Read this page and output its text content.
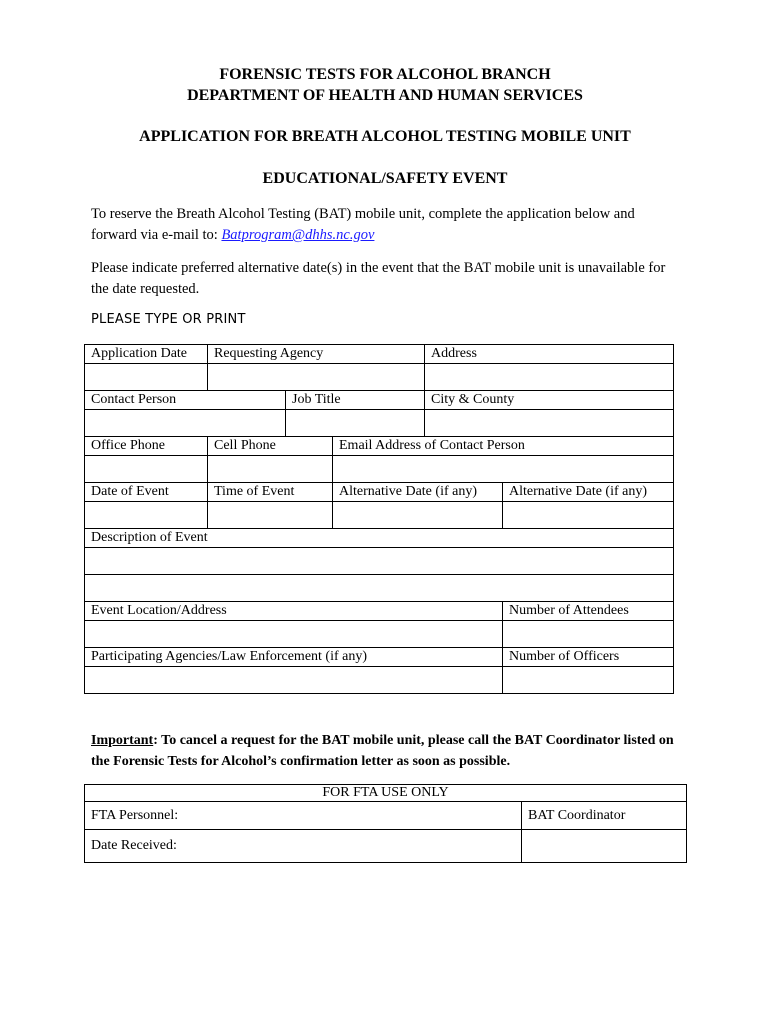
FORENSIC TESTS FOR ALCOHOL BRANCH
DEPARTMENT OF HEALTH AND HUMAN SERVICES
APPLICATION FOR BREATH ALCOHOL TESTING MOBILE UNIT
EDUCATIONAL/SAFETY EVENT
To reserve the Breath Alcohol Testing (BAT) mobile unit, complete the application below and forward via e-mail to: Batprogram@dhhs.nc.gov
Please indicate preferred alternative date(s) in the event that the BAT mobile unit is unavailable for the date requested.
PLEASE TYPE OR PRINT
Application Date	Requesting Agency			Address	

Contact Person		Job Title		City & County	

Office Phone	Cell Phone		Email Address of Contact Person		

Date of Event	Time of Event		Alternative Date (if any)		Alternative Date (if any)

Description of Event					

Event Location/Address					Number of Attendees

Participating Agencies/Law Enforcement (if any)					Number of Officers

Important: To cancel a request for the BAT mobile unit, please call the BAT Coordinator listed on the Forensic Tests for Alcohol’s confirmation letter as soon as possible.
FOR FTA USE ONLY	
FTA Personnel:	BAT Coordinator
Date Received:	
